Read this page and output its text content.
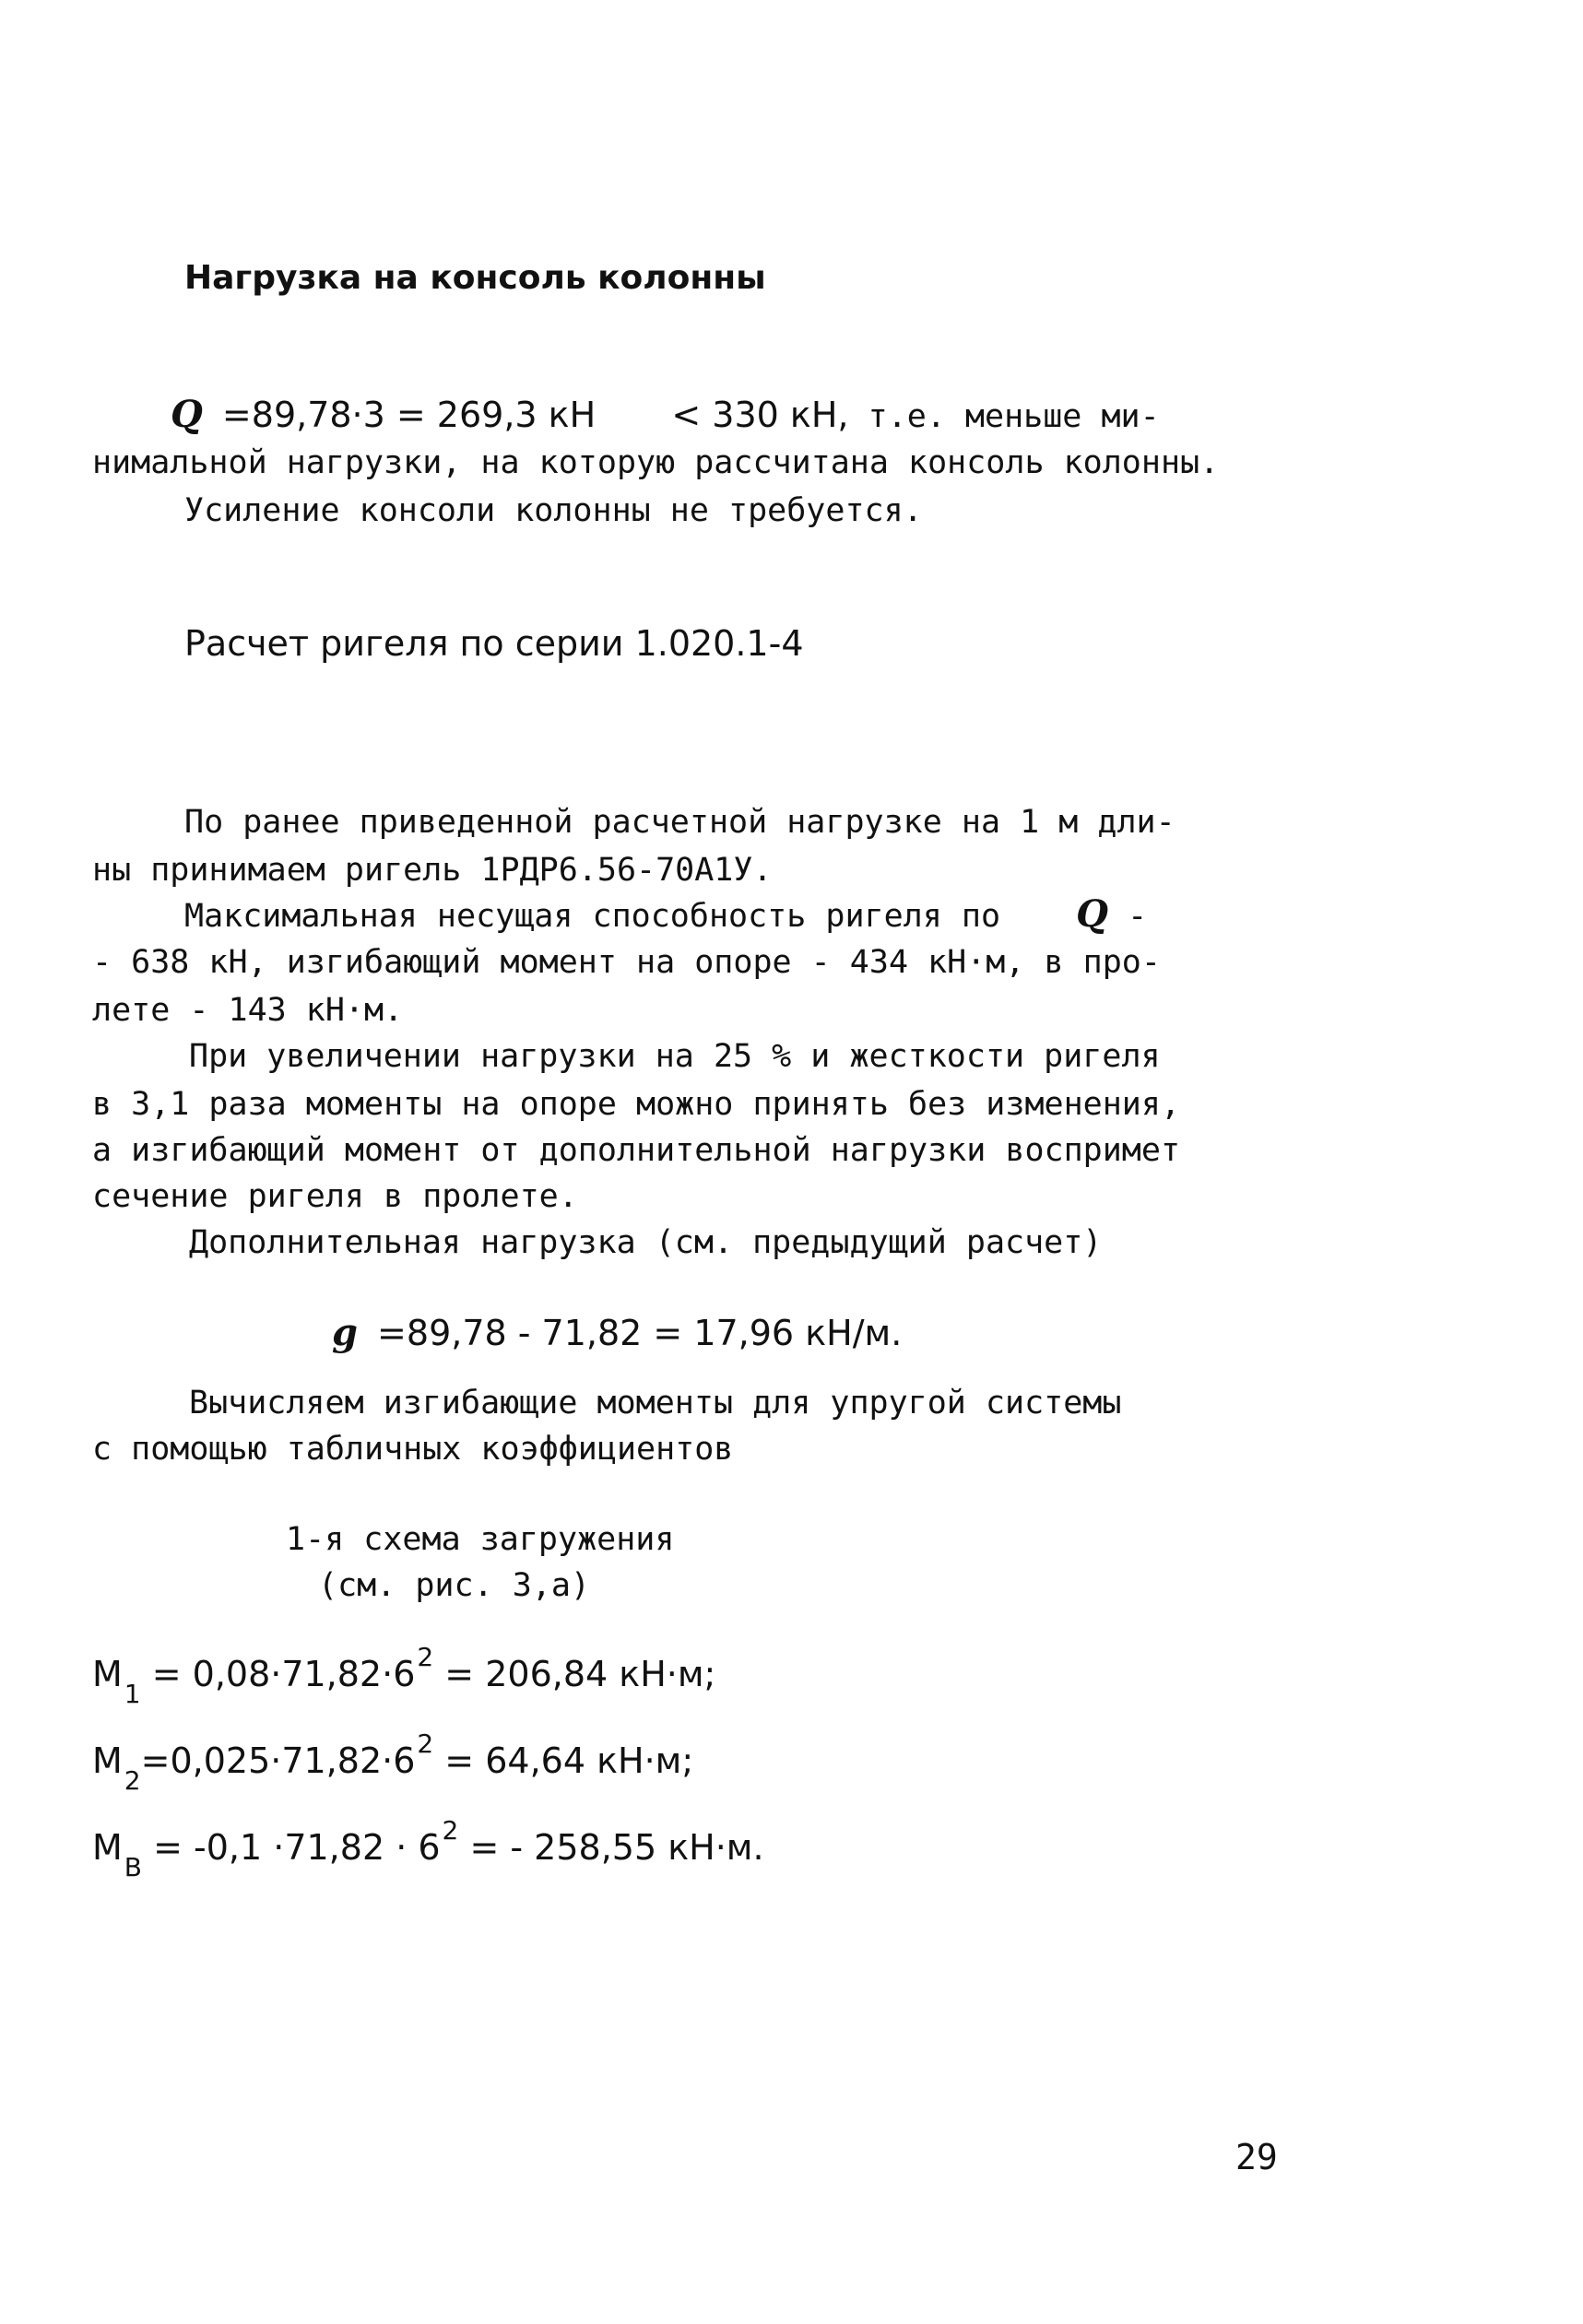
Нагрузка на консоль колонны
Q =89,78·3 = 269,3 кН < 330 кН, т.е. меньше ми-
нимальной нагрузки, на которую рассчитана консоль колонны.
Усиление консоли колонны не требуется.
Расчет ригеля по серии 1.020.1-4
По ранее приведенной расчетной нагрузке на 1 м дли-
ны принимаем ригель 1РДР6.56-70А1У.
Максимальная несущая способность ригеля по Q -
- 638 кН, изгибающий момент на опоре - 434 кН·м, в про-
лете - 143 кН·м.
При увеличении нагрузки на 25 % и жесткости ригеля
в 3,1 раза моменты на опоре можно принять без изменения,
а изгибающий момент от дополнительной нагрузки воспримет
сечение ригеля в пролете.
Дополнительная нагрузка (см. предыдущий расчет)
g =89,78 - 71,82 = 17,96 кН/м.
Вычисляем изгибающие моменты для упругой системы
с помощью табличных коэффициентов
1-я схема загружения
(см. рис. 3,а)
$M_1 = 0,08\cdot 71,82\cdot 6^2 = 206,84$ кН·м;
$M_2=0,025\cdot 71,82\cdot 6^2 = 64,64$ кН·м;
$M_B = -0,1 \cdot 71,82 \cdot 6^2$ = - 258,55 кН·м.
29
